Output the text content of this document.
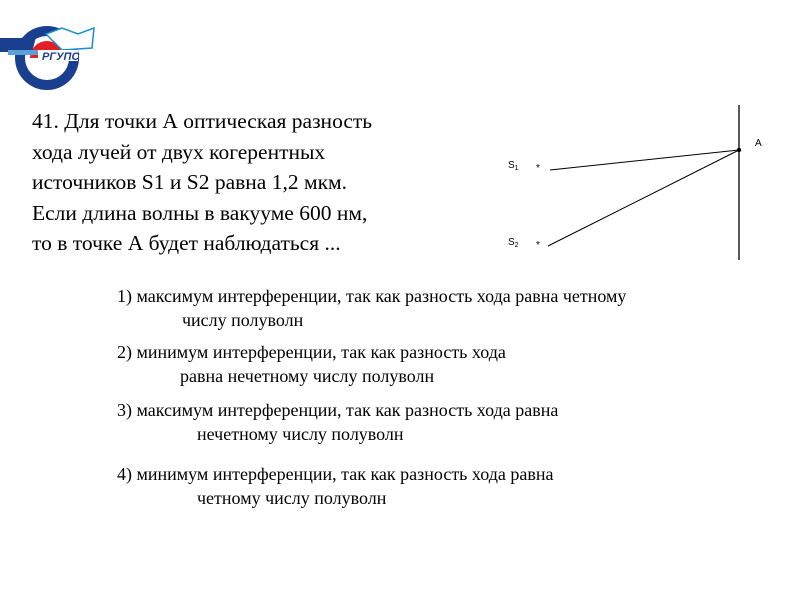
РГУПС
A
$S_1$ *
$S_2$ *
41. Для точки А оптическая разность
хода лучей от двух когерентных
источников S1 и S2 равна 1,2 мкм.
Если длина волны в вакууме 600 нм,
то в точке А будет наблюдаться ...
1) максимум интерференции, так как разность хода равна четному
числу полуволн
2) минимум интерференции, так как разность хода
равна нечетному числу полуволн
3) максимум интерференции, так как разность хода равна
нечетному числу полуволн
4) минимум интерференции, так как разность хода равна
четному числу полуволн
